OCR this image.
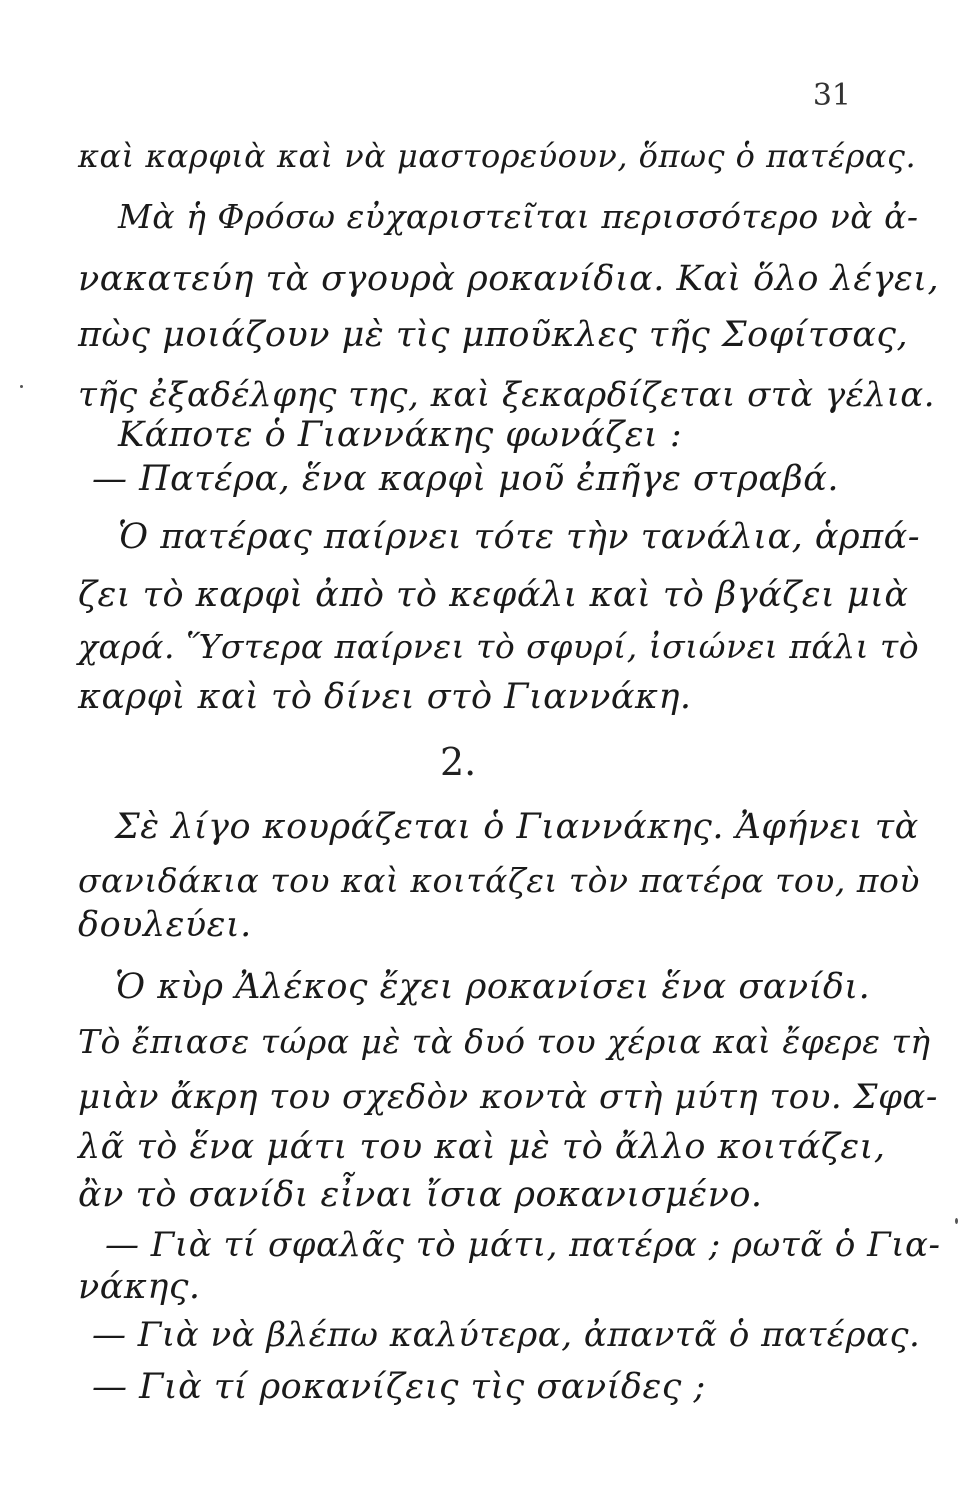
31
καὶ καρφιὰ καὶ νὰ μαστορεύουν, ὅπως ὁ πατέρας.
Μὰ ἡ Φρόσω εὐχαριστεῖται περισσότερο νὰ ἀ-
νακατεύη τὰ σγουρὰ ροκανίδια. Καὶ ὅλο λέγει,
πὼς μοιάζουν μὲ τὶς μποῦκλες τῆς Σοφίτσας,
τῆς ἐξαδέλφης της, καὶ ξεκαρδίζεται στὰ γέλια.
Κάποτε ὁ Γιαννάκης φωνάζει :
— Πατέρα, ἕνα καρφὶ μοῦ ἐπῆγε στραβά.
Ὁ πατέρας παίρνει τότε τὴν τανάλια, ἁρπά-
ζει τὸ καρφὶ ἀπὸ τὸ κεφάλι καὶ τὸ βγάζει μιὰ
χαρά. Ὕστερα παίρνει τὸ σφυρί, ἰσιώνει πάλι τὸ
καρφὶ καὶ τὸ δίνει στὸ Γιαννάκη.
2.
Σὲ λίγο κουράζεται ὁ Γιαννάκης. Ἀφήνει τὰ
σανιδάκια του καὶ κοιτάζει τὸν πατέρα του, ποὺ
δουλεύει.
Ὁ κὺρ Ἀλέκος ἔχει ροκανίσει ἕνα σανίδι.
Τὸ ἔπιασε τώρα μὲ τὰ δυό του χέρια καὶ ἔφερε τὴ
μιὰν ἄκρη του σχεδὸν κοντὰ στὴ μύτη του. Σφα-
λᾶ τὸ ἕνα μάτι του καὶ μὲ τὸ ἄλλο κοιτάζει,
ἂν τὸ σανίδι εἶναι ἴσια ροκανισμένο.
— Γιὰ τί σφαλᾶς τὸ μάτι, πατέρα ; ρωτᾶ ὁ Για-
νάκης.
— Γιὰ νὰ βλέπω καλύτερα, ἀπαντᾶ ὁ πατέρας.
— Γιὰ τί ροκανίζεις τὶς σανίδες ;
